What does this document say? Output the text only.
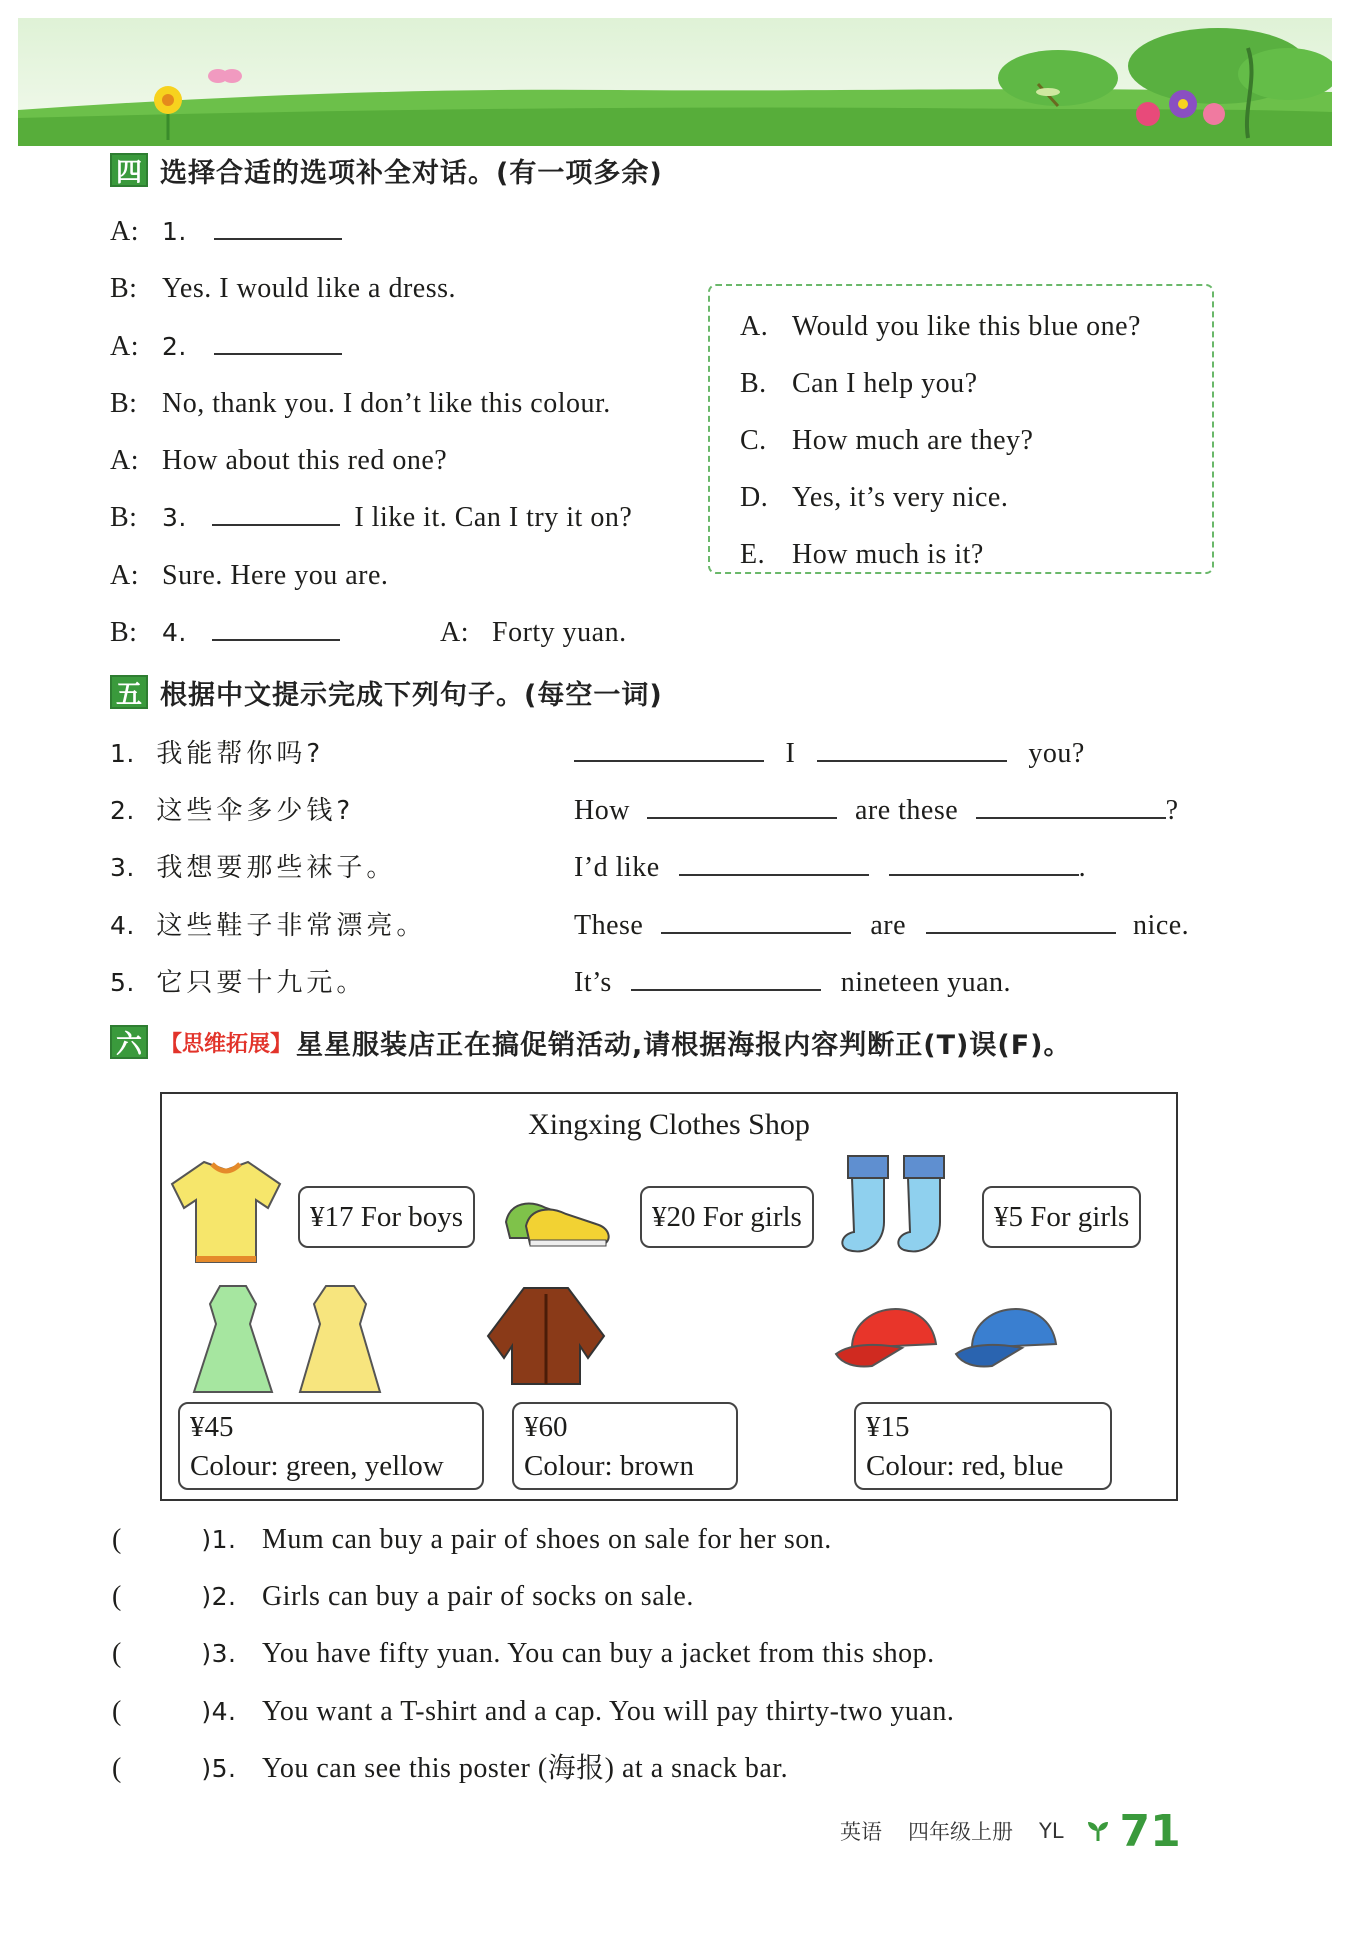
四 选择合适的选项补全对话。(有一项多余)
A: 1.
B: Yes. I would like a dress.
A: 2.
B: No, thank you. I don’t like this colour.
A: How about this red one?
B: 3.	I like it. Can I try it on?
A: Sure. Here you are.
B: 4.	A: Forty yuan.
A. Would you like this blue one?
B. Can I help you?
C. How much are they?
D. Yes, it’s very nice.
E. How much is it?
五 根据中文提示完成下列句子。(每空一词)
1. 我能帮你吗?	I	you?
2. 这些伞多少钱?	How	are these	?
3. 我想要那些袜子。	I’d like	.
4. 这些鞋子非常漂亮。	These	are	nice.
5. 它只要十九元。	It’s	nineteen yuan.
六 【思维拓展】 星星服装店正在搞促销活动,请根据海报内容判断正(T)误(F)。
Xingxing Clothes Shop
¥17 For boys	¥20 For girls	¥5 For girls
¥45
Colour: green, yellow
¥60
Colour: brown
¥15
Colour: red, blue
(	)1. Mum can buy a pair of shoes on sale for her son.
(	)2. Girls can buy a pair of socks on sale.
(	)3. You have fifty yuan. You can buy a jacket from this shop.
(	)4. You want a T-shirt and a cap. You will pay thirty-two yuan.
(	)5. You can see this poster (海报) at a snack bar.
英语 四年级上册 YL 71
